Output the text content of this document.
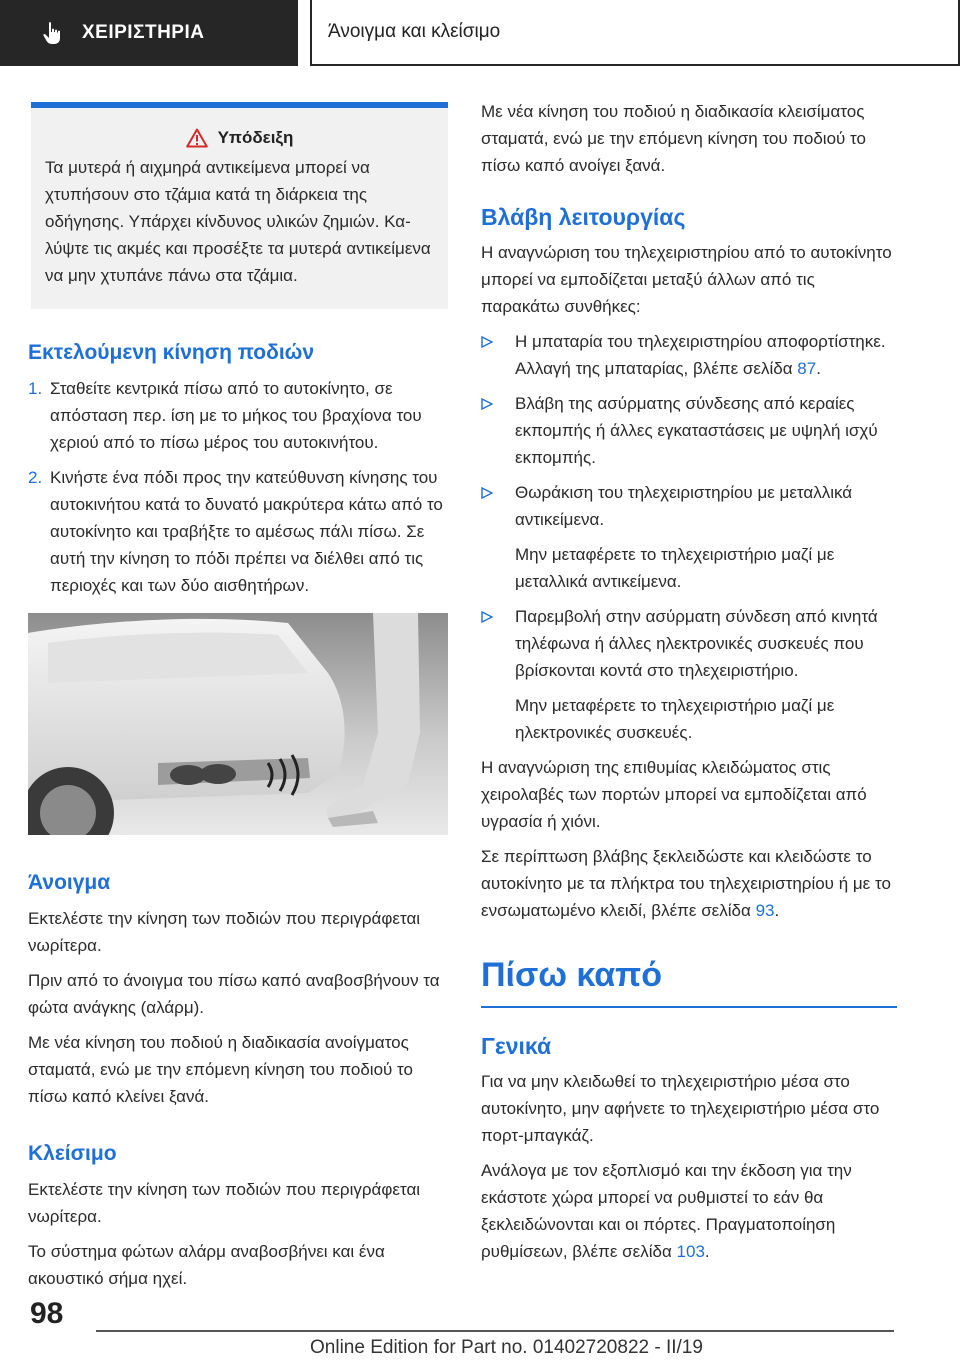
ΧΕΙΡΙΣΤΗΡΙΑ	Άνοιγμα και κλείσιμο
Υπόδειξη

Τα μυτερά ή αιχμηρά αντικείμενα μπορεί να χτυπήσουν στο τζάμια κατά τη διάρκεια της οδήγησης. Υπάρχει κίνδυνος υλικών ζημιών. Καλύψτε τις ακμές και προσέξτε τα μυτερά αντικείμενα να μην χτυπάνε πάνω στα τζάμια.

Εκτελούμενη κίνηση ποδιών
1. Σταθείτε κεντρικά πίσω από το αυτοκίνητο, σε απόσταση περ. ίση με το μήκος του βραχίονα του χεριού από το πίσω μέρος του αυτοκινήτου.
2. Κινήστε ένα πόδι προς την κατεύθυνση κίνησης του αυτοκινήτου κατά το δυνατό μακρύτερα κάτω από το αυτοκίνητο και τραβήξτε το αμέσως πάλι πίσω. Σε αυτή την κίνηση το πόδι πρέπει να διέλθει από τις περιοχές και των δύο αισθητήρων.
Άνοιγμα

Εκτελέστε την κίνηση των ποδιών που περιγράφεται νωρίτερα.

Πριν από το άνοιγμα του πίσω καπό αναβοσβήνουν τα φώτα ανάγκης (αλάρμ).

Με νέα κίνηση του ποδιού η διαδικασία ανοίγματος σταματά, ενώ με την επόμενη κίνηση του ποδιού το πίσω καπό κλείνει ξανά.

Κλείσιμο

Εκτελέστε την κίνηση των ποδιών που περιγράφεται νωρίτερα.

Το σύστημα φώτων αλάρμ αναβοσβήνει και ένα ακουστικό σήμα ηχεί.

Με νέα κίνηση του ποδιού η διαδικασία κλεισίματος σταματά, ενώ με την επόμενη κίνηση του ποδιού το πίσω καπό ανοίγει ξανά.

Βλάβη λειτουργίας

Η αναγνώριση του τηλεχειριστηρίου από το αυτοκίνητο μπορεί να εμποδίζεται μεταξύ άλλων από τις παρακάτω συνθήκες:

Η μπαταρία του τηλεχειριστηρίου αποφορτίστηκε. Αλλαγή της μπαταρίας, βλέπε σελίδα 87.
Βλάβη της ασύρματης σύνδεσης από κεραίες εκπομπής ή άλλες εγκαταστάσεις με υψηλή ισχύ εκπομπής.
Θωράκιση του τηλεχειριστηρίου με μεταλλικά αντικείμενα.

Μην μεταφέρετε το τηλεχειριστήριο μαζί με μεταλλικά αντικείμενα.

Παρεμβολή στην ασύρματη σύνδεση από κινητά τηλέφωνα ή άλλες ηλεκτρονικές συσκευές που βρίσκονται κοντά στο τηλεχειριστήριο.

Μην μεταφέρετε το τηλεχειριστήριο μαζί με ηλεκτρονικές συσκευές.

Η αναγνώριση της επιθυμίας κλειδώματος στις χειρολαβές των πορτών μπορεί να εμποδίζεται από υγρασία ή χιόνι.

Σε περίπτωση βλάβης ξεκλειδώστε και κλειδώστε το αυτοκίνητο με τα πλήκτρα του τηλεχειριστηρίου ή με το ενσωματωμένο κλειδί, βλέπε σελίδα 93.

Πίσω καπό
Γενικά

Για να μην κλειδωθεί το τηλεχειριστήριο μέσα στο αυτοκίνητο, μην αφήνετε το τηλεχειριστήριο μέσα στο πορτ-μπαγκάζ.

Ανάλογα με τον εξοπλισμό και την έκδοση για την εκάστοτε χώρα μπορεί να ρυθμιστεί το εάν θα ξεκλειδώνονται και οι πόρτες. Πραγματοποίηση ρυθμίσεων, βλέπε σελίδα 103.

98
Online Edition for Part no. 01402720822 - II/19
